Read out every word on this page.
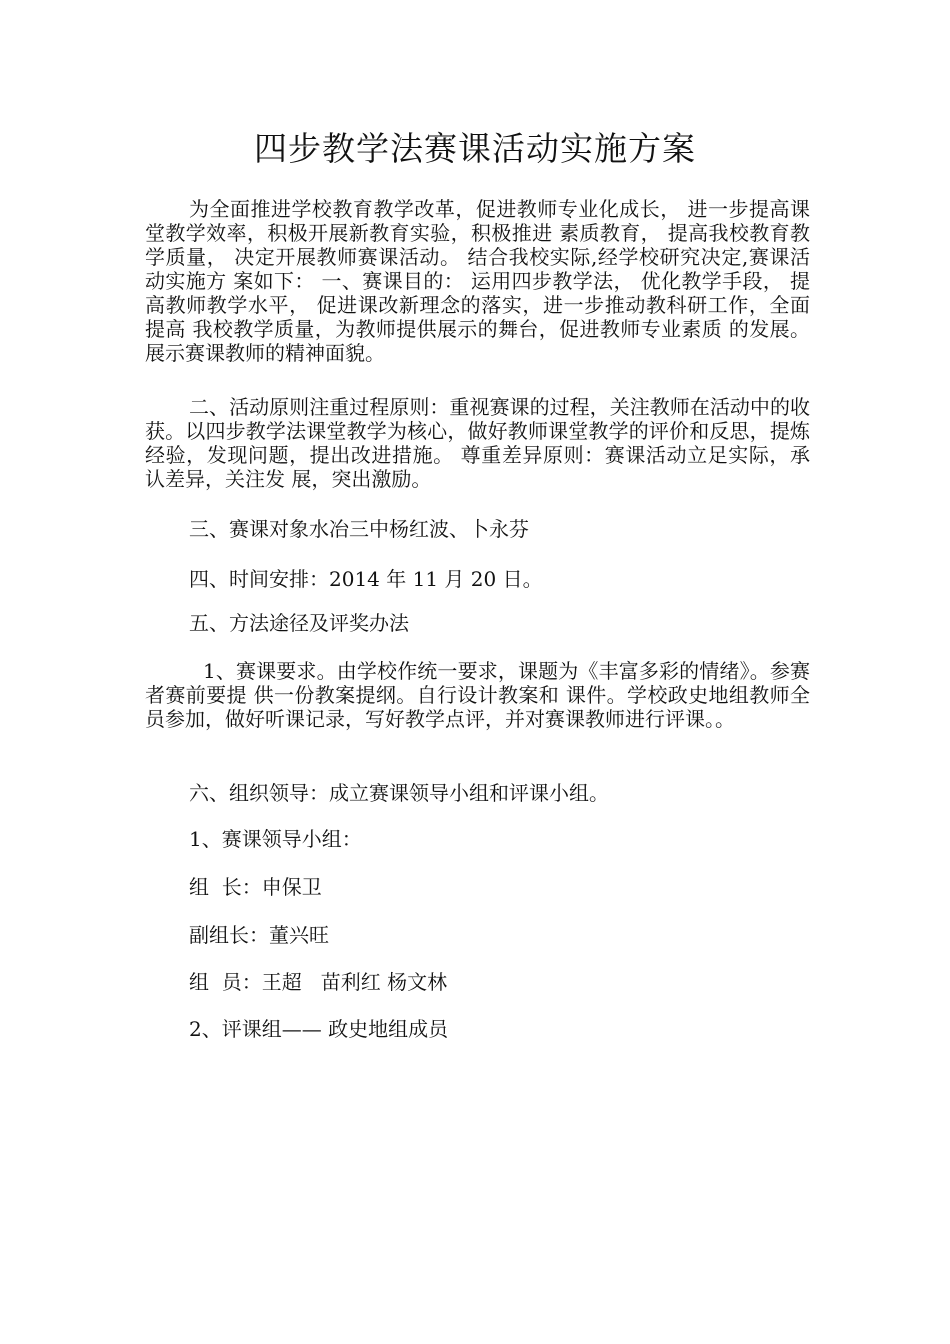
四步教学法赛课活动实施方案

为全面推进学校教育教学改革，促进教师专业化成长， 进一步提高课堂教学效率，积极开展新教育实验，积极推进 素质教育， 提高我校教育教学质量， 决定开展教师赛课活动。 结合我校实际,经学校研究决定,赛课活动实施方 案如下： 一、赛课目的： 运用四步教学法， 优化教学手段， 提高教师教学水平， 促进课改新理念的落实，进一步推动教科研工作，全面提高 我校教学质量，为教师提供展示的舞台，促进教师专业素质 的发展。展示赛课教师的精神面貌。

二、活动原则注重过程原则：重视赛课的过程，关注教师在活动中的收获。以四步教学法课堂教学为核心，做好教师课堂教学的评价和反思，提炼经验，发现问题，提出改进措施。 尊重差异原则：赛课活动立足实际，承认差异，关注发 展，突出激励。

三、赛课对象水冶三中杨红波、卜永芬

四、时间安排：2014 年 11 月 20 日。

五、方法途径及评奖办法

1、赛课要求。由学校作统一要求，课题为《丰富多彩的情绪》。参赛者赛前要提 供一份教案提纲。自行设计教案和 课件。学校政史地组教师全员参加，做好听课记录，写好教学点评，并对赛课教师进行评课。。

六、组织领导：成立赛课领导小组和评课小组。

1、赛课领导小组：

组  长：申保卫

副组长：董兴旺

组  员：王超   苗利红 杨文林

2、评课组—— 政史地组成员
